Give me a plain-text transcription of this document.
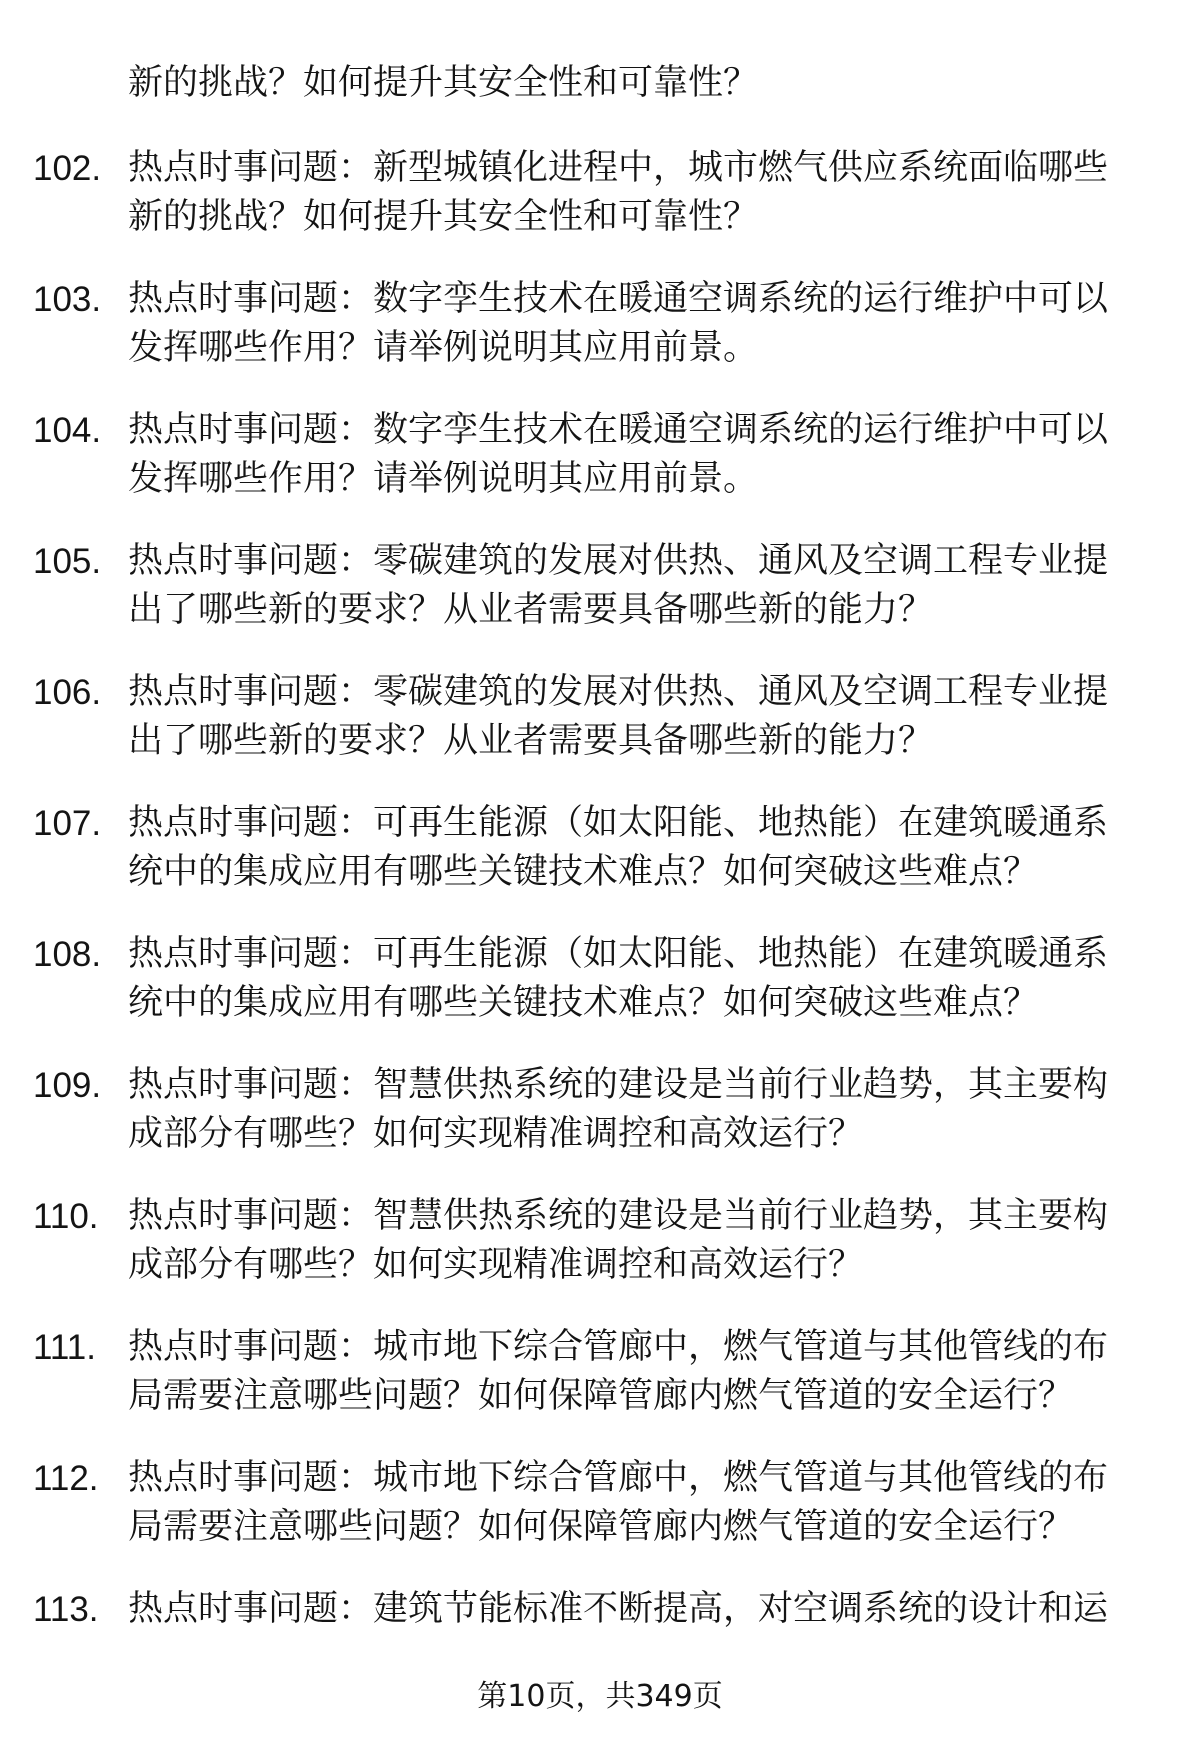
新的挑战？如何提升其安全性和可靠性？
102. 热点时事问题：新型城镇化进程中，城市燃气供应系统面临哪些
新的挑战？如何提升其安全性和可靠性？
103. 热点时事问题：数字孪生技术在暖通空调系统的运行维护中可以
发挥哪些作用？请举例说明其应用前景。
104. 热点时事问题：数字孪生技术在暖通空调系统的运行维护中可以
发挥哪些作用？请举例说明其应用前景。
105. 热点时事问题：零碳建筑的发展对供热、通风及空调工程专业提
出了哪些新的要求？从业者需要具备哪些新的能力？
106. 热点时事问题：零碳建筑的发展对供热、通风及空调工程专业提
出了哪些新的要求？从业者需要具备哪些新的能力？
107. 热点时事问题：可再生能源（如太阳能、地热能）在建筑暖通系
统中的集成应用有哪些关键技术难点？如何突破这些难点？
108. 热点时事问题：可再生能源（如太阳能、地热能）在建筑暖通系
统中的集成应用有哪些关键技术难点？如何突破这些难点？
109. 热点时事问题：智慧供热系统的建设是当前行业趋势，其主要构
成部分有哪些？如何实现精准调控和高效运行？
110. 热点时事问题：智慧供热系统的建设是当前行业趋势，其主要构
成部分有哪些？如何实现精准调控和高效运行？
111. 热点时事问题：城市地下综合管廊中，燃气管道与其他管线的布
局需要注意哪些问题？如何保障管廊内燃气管道的安全运行？
112. 热点时事问题：城市地下综合管廊中，燃气管道与其他管线的布
局需要注意哪些问题？如何保障管廊内燃气管道的安全运行？
113. 热点时事问题：建筑节能标准不断提高，对空调系统的设计和运
第10页，共349页
